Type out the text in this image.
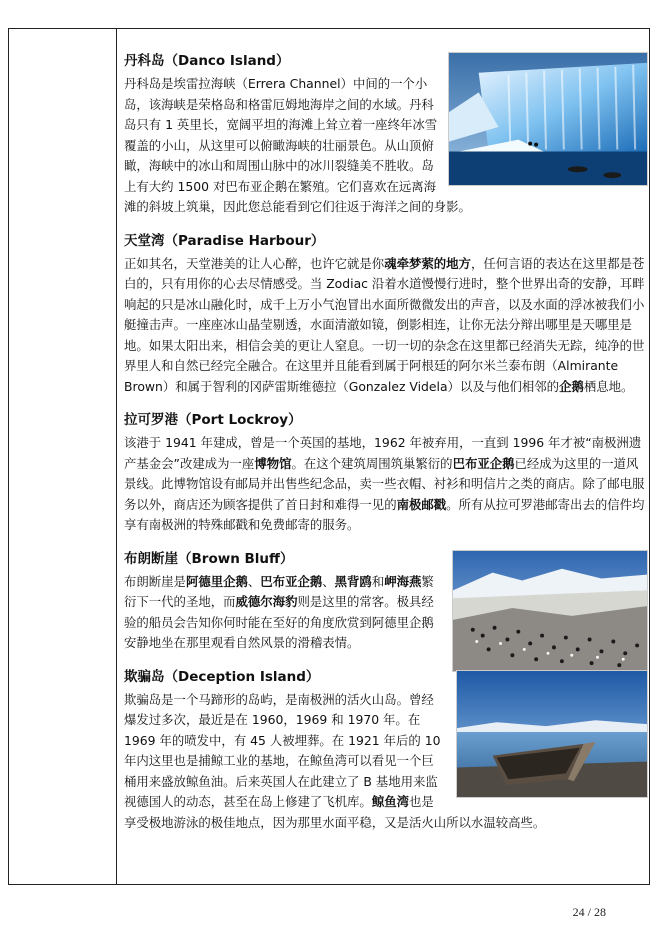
丹科岛（Danco Island）

丹科岛是埃雷拉海峡（Errera Channel）中间的一个小岛，该海峡是荣格岛和格雷厄姆地海岸之间的水域。丹科岛只有 1 英里长，宽阔平坦的海滩上耸立着一座终年冰雪覆盖的小山，从这里可以俯瞰海峡的壮丽景色。从山顶俯瞰，海峡中的冰山和周围山脉中的冰川裂缝美不胜收。岛上有大约 1500 对巴布亚企鹅在繁殖。它们喜欢在远离海滩的斜坡上筑巢，因此您总能看到它们往返于海洋之间的身影。

天堂湾（Paradise Harbour）

正如其名，天堂港美的让人心醉，也许它就是你魂牵梦萦的地方，任何言语的表达在这里都是苍白的，只有用你的心去尽情感受。当 Zodiac 沿着水道慢慢行进时，整个世界出奇的安静，耳畔响起的只是冰山融化时，成千上万小气泡冒出水面所微微发出的声音，以及水面的浮冰被我们小艇撞击声。一座座冰山晶莹剔透，水面清澈如镜，倒影相连，让你无法分辩出哪里是天哪里是地。如果太阳出来，相信会美的更让人窒息。一切一切的杂念在这里都已经消失无踪，纯净的世界里人和自然已经完全融合。在这里并且能看到属于阿根廷的阿尔米兰泰布朗（Almirante Brown）和属于智利的冈萨雷斯维德拉（Gonzalez Videla）以及与他们相邻的企鹅栖息地。

拉可罗港（Port Lockroy）

该港于 1941 年建成，曾是一个英国的基地，1962 年被弃用，一直到 1996 年才被“南极洲遗产基金会”改建成为一座博物馆。在这个建筑周围筑巢繁衍的巴布亚企鹅已经成为这里的一道风景线。此博物馆设有邮局并出售些纪念品，卖一些衣帽、衬衫和明信片之类的商店。除了邮电服务以外，商店还为顾客提供了首日封和难得一见的南极邮戳。所有从拉可罗港邮寄出去的信件均享有南极洲的特殊邮戳和免费邮寄的服务。

布朗断崖（Brown Bluff）

布朗断崖是阿德里企鹅、巴布亚企鹅、黑背鸥和岬海燕繁衍下一代的圣地，而威德尔海豹则是这里的常客。极具经验的船员会告知你何时能在至好的角度欣赏到阿德里企鹅安静地坐在那里观看自然风景的滑稽表情。

欺骗岛（Deception Island）

欺骗岛是一个马蹄形的岛屿，是南极洲的活火山岛。曾经爆发过多次，最近是在 1960，1969 和 1970 年。在 1969 年的喷发中，有 45 人被埋葬。在 1921 年后的 10 年内这里也是捕鲸工业的基地，在鲸鱼湾可以看见一个巨桶用来盛放鲸鱼油。后来英国人在此建立了 B 基地用来监视德国人的动态，甚至在岛上修建了飞机库。鲸鱼湾也是享受极地游泳的极佳地点，因为那里水面平稳，又是活火山所以水温较高些。

24 / 28
